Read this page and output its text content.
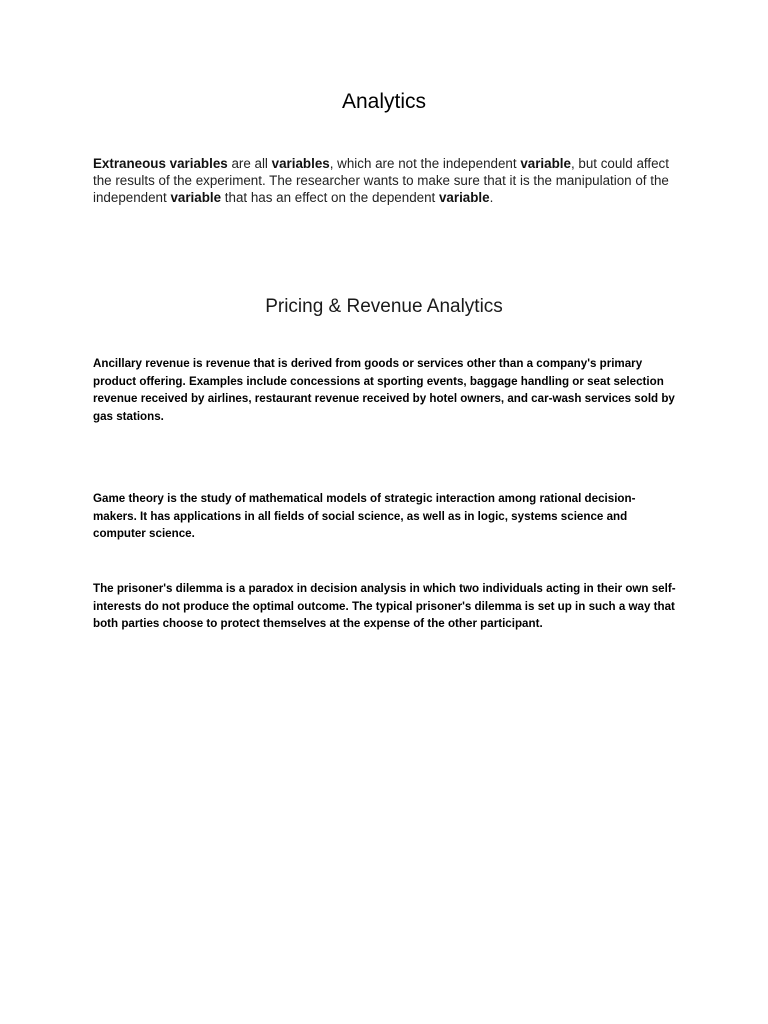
Analytics

Extraneous variables are all variables, which are not the independent variable, but could affect the results of the experiment. The researcher wants to make sure that it is the manipulation of the independent variable that has an effect on the dependent variable.

Pricing & Revenue Analytics

Ancillary revenue is revenue that is derived from goods or services other than a company's primary product offering. Examples include concessions at sporting events, baggage handling or seat selection revenue received by airlines, restaurant revenue received by hotel owners, and car-wash services sold by gas stations.

Game theory is the study of mathematical models of strategic interaction among rational decision-makers. It has applications in all fields of social science, as well as in logic, systems science and computer science.

The prisoner's dilemma is a paradox in decision analysis in which two individuals acting in their own self-interests do not produce the optimal outcome. The typical prisoner's dilemma is set up in such a way that both parties choose to protect themselves at the expense of the other participant.
